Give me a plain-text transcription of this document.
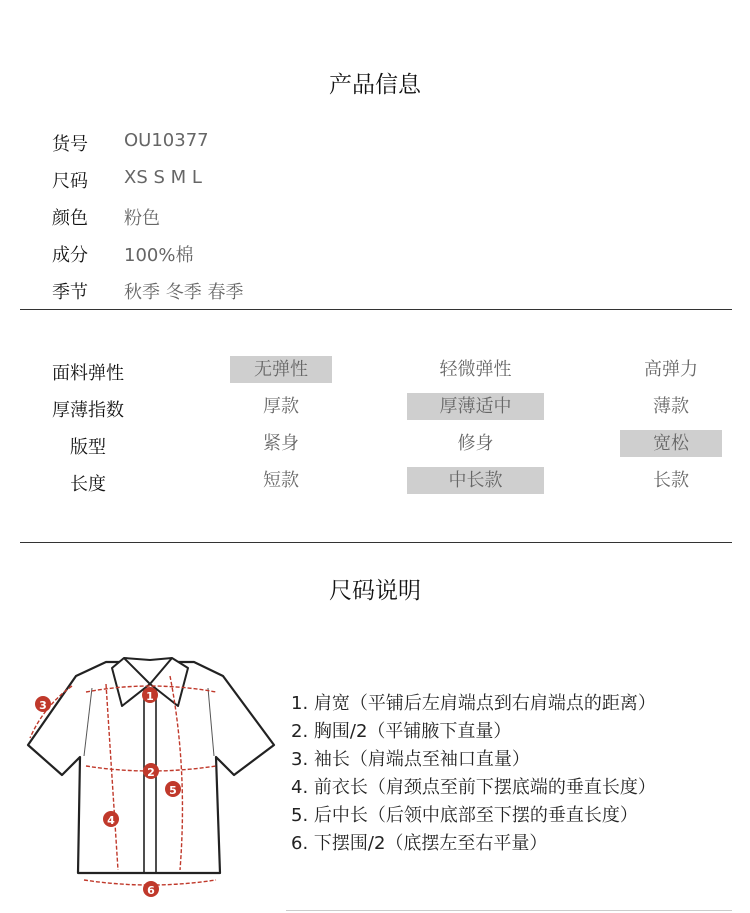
产品信息
货号	OU10377
尺码	XS S M L
颜色	粉色
成分	100%棉
季节	秋季 冬季 春季
面料弹性	无弹性	轻微弹性	高弹力
厚薄指数	厚款	厚薄适中	薄款
版型	紧身	修身	宽松
长度	短款	中长款	长款
尺码说明
1
2
3
4
5
6
1. 肩宽（平铺后左肩端点到右肩端点的距离）
2. 胸围/2（平铺腋下直量）
3. 袖长（肩端点至袖口直量）
4. 前衣长（肩颈点至前下摆底端的垂直长度）
5. 后中长（后领中底部至下摆的垂直长度）
6. 下摆围/2（底摆左至右平量）
